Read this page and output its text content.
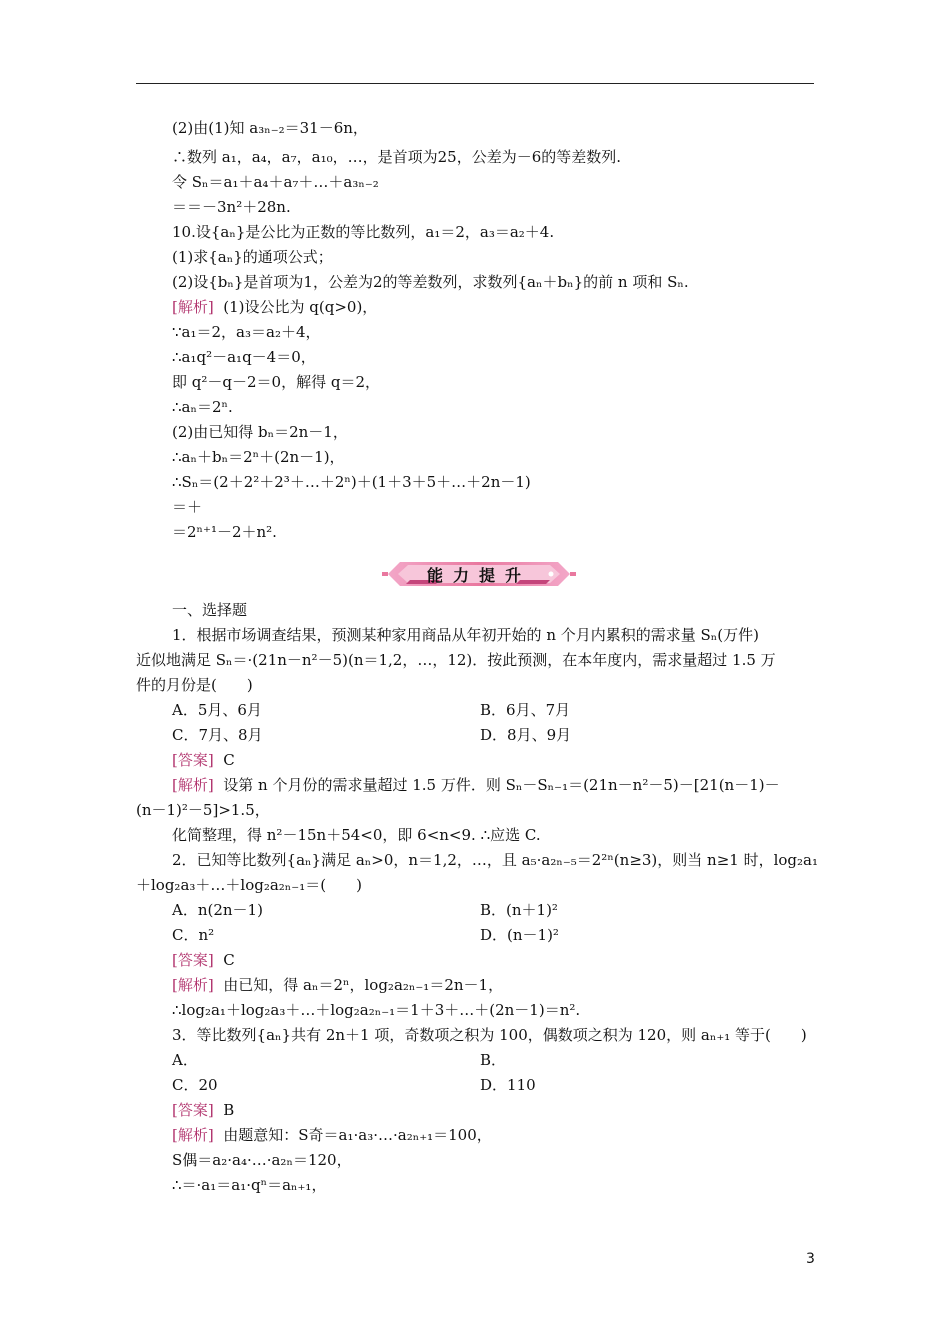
(2)由(1)知 a₃ₙ₋₂＝31－6n，
∴数列 a₁，a₄，a₇，a₁₀，…，是首项为25，公差为－6的等差数列.
令 Sₙ＝a₁＋a₄＋a₇＋…＋a₃ₙ₋₂
＝＝－3n²＋28n.
10.设{aₙ}是公比为正数的等比数列，a₁＝2，a₃＝a₂＋4.
(1)求{aₙ}的通项公式；
(2)设{bₙ}是首项为1，公差为2的等差数列，求数列{aₙ＋bₙ}的前 n 项和 Sₙ.
[解析] (1)设公比为 q(q>0)，
∵a₁＝2，a₃＝a₂＋4，
∴a₁q²－a₁q－4＝0，
即 q²－q－2＝0，解得 q＝2，
∴aₙ＝2ⁿ.
(2)由已知得 bₙ＝2n－1，
∴aₙ＋bₙ＝2ⁿ＋(2n－1)，
∴Sₙ＝(2＋2²＋2³＋…＋2ⁿ)＋(1＋3＋5＋…＋2n－1)
＝＋
＝2ⁿ⁺¹－2＋n².
能力提升
一、选择题
1．根据市场调查结果，预测某种家用商品从年初开始的 n 个月内累积的需求量 Sₙ(万件)
近似地满足 Sₙ＝·(21n－n²－5)(n＝1,2，…，12)．按此预测，在本年度内，需求量超过 1.5 万
件的月份是(　　)
A．5月、6月	B．6月、7月
C．7月、8月	D．8月、9月
[答案] C
[解析] 设第 n 个月份的需求量超过 1.5 万件．则 Sₙ－Sₙ₋₁＝(21n－n²－5)－[21(n－1)－
(n－1)²－5]>1.5，
化简整理，得 n²－15n＋54<0，即 6<n<9. ∴应选 C.
2．已知等比数列{aₙ}满足 aₙ>0，n＝1,2，…，且 a₅·a₂ₙ₋₅＝2²ⁿ(n≥3)，则当 n≥1 时，log₂a₁
＋log₂a₃＋…＋log₂a₂ₙ₋₁＝(　　)
A．n(2n－1)	B．(n＋1)²
C．n²	D．(n－1)²
[答案] C
[解析] 由已知，得 aₙ＝2ⁿ，log₂a₂ₙ₋₁＝2n－1，
∴log₂a₁＋log₂a₃＋…＋log₂a₂ₙ₋₁＝1＋3＋…＋(2n－1)＝n².
3．等比数列{aₙ}共有 2n＋1 项，奇数项之积为 100，偶数项之积为 120，则 aₙ₊₁ 等于(　　)
A．	B．
C．20	D．110
[答案] B
[解析] 由题意知：S奇＝a₁·a₃·…·a₂ₙ₊₁＝100，
S偶＝a₂·a₄·…·a₂ₙ＝120，
∴＝·a₁＝a₁·qⁿ＝aₙ₊₁，
3
